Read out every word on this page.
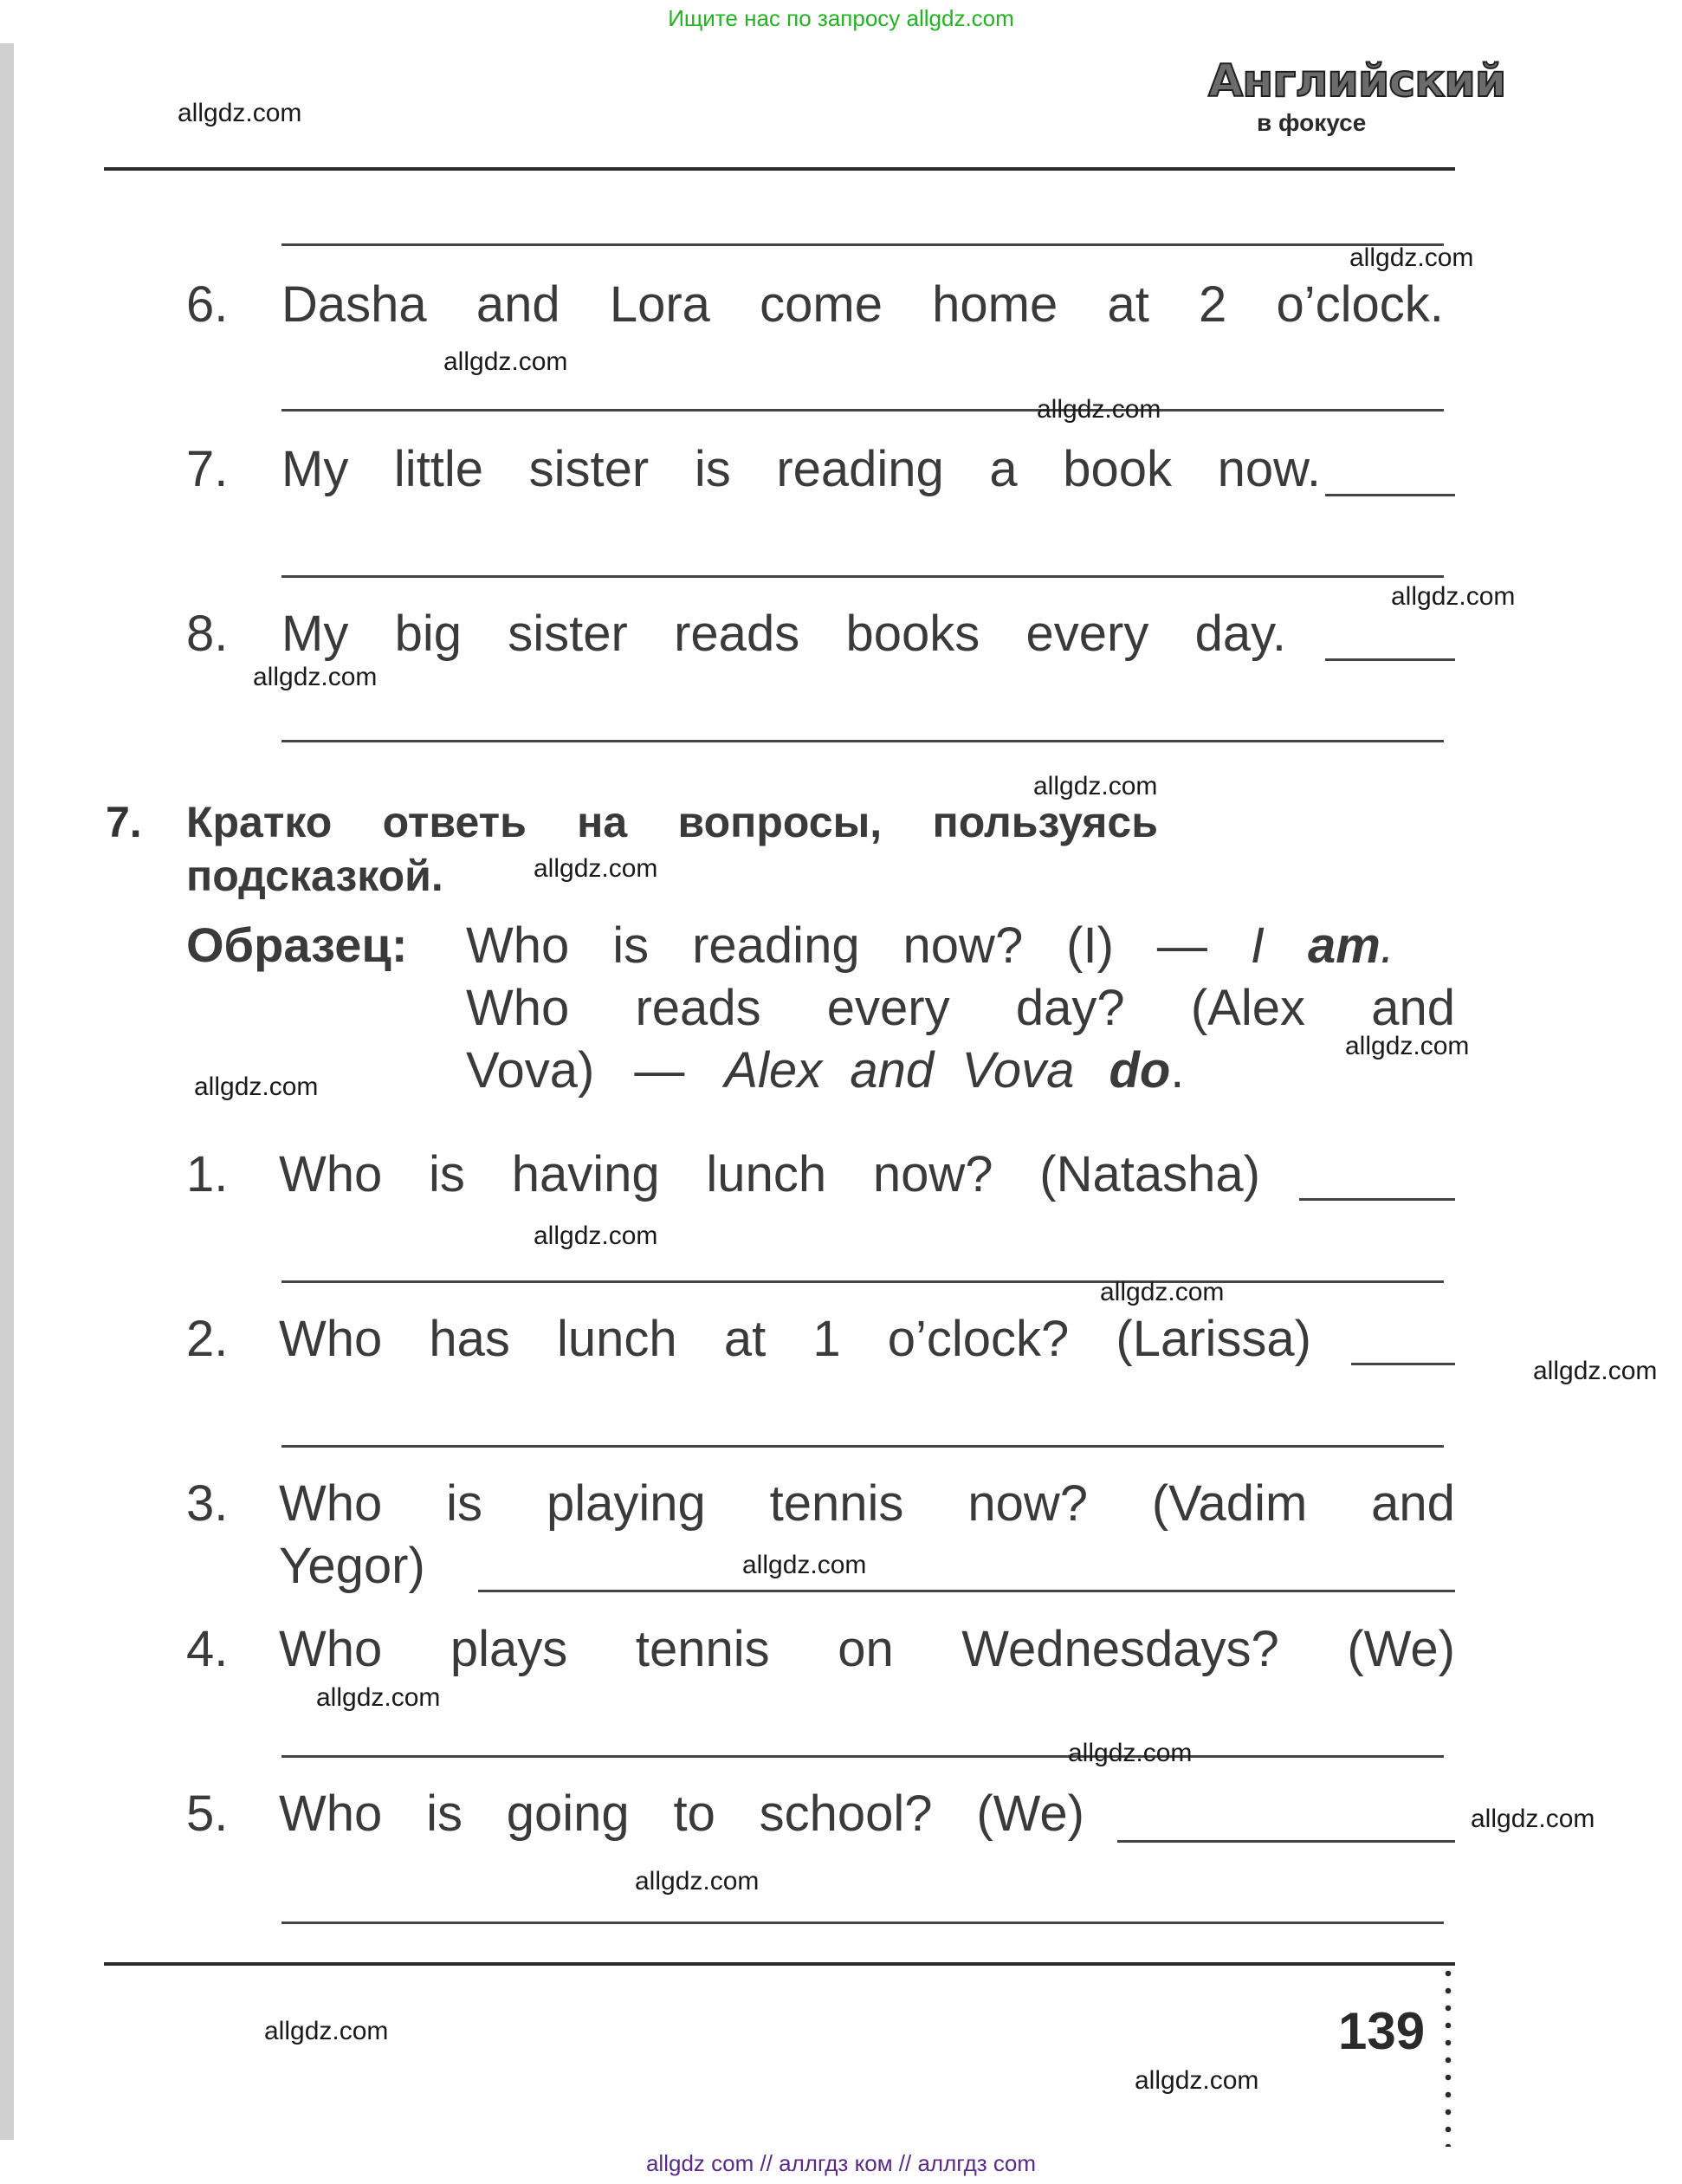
Ищите нас по запросу allgdz.com
allgdz.com
Английский
в фокусе
6. Dasha and Lora come home at 2 o’clock.
7. My little sister is reading a book now.
8. My big sister reads books every day.
7. Кратко ответь на вопросы, пользуясь
подсказкой.
Образец: Who is reading now? (I) — I am.
Who reads every day? (Alex and
Vova) — Alex  and  Vova do.
1. Who is having lunch now? (Natasha)
2. Who has lunch at 1 o’clock? (Larissa)
3. Who is playing tennis now? (Vadim and
Yegor)
4. Who plays tennis on Wednesdays? (We)
5. Who is going to school? (We)
139
allgdz.com
allgdz.com
allgdz.com
allgdz.com
allgdz.com
allgdz.com
allgdz.com
allgdz.com
allgdz.com
allgdz.com
allgdz.com
allgdz.com
allgdz.com
allgdz.com
allgdz.com
allgdz.com
allgdz.com
allgdz.com
allgdz.com
allgdz com // аллгдз ком // аллгдз com
